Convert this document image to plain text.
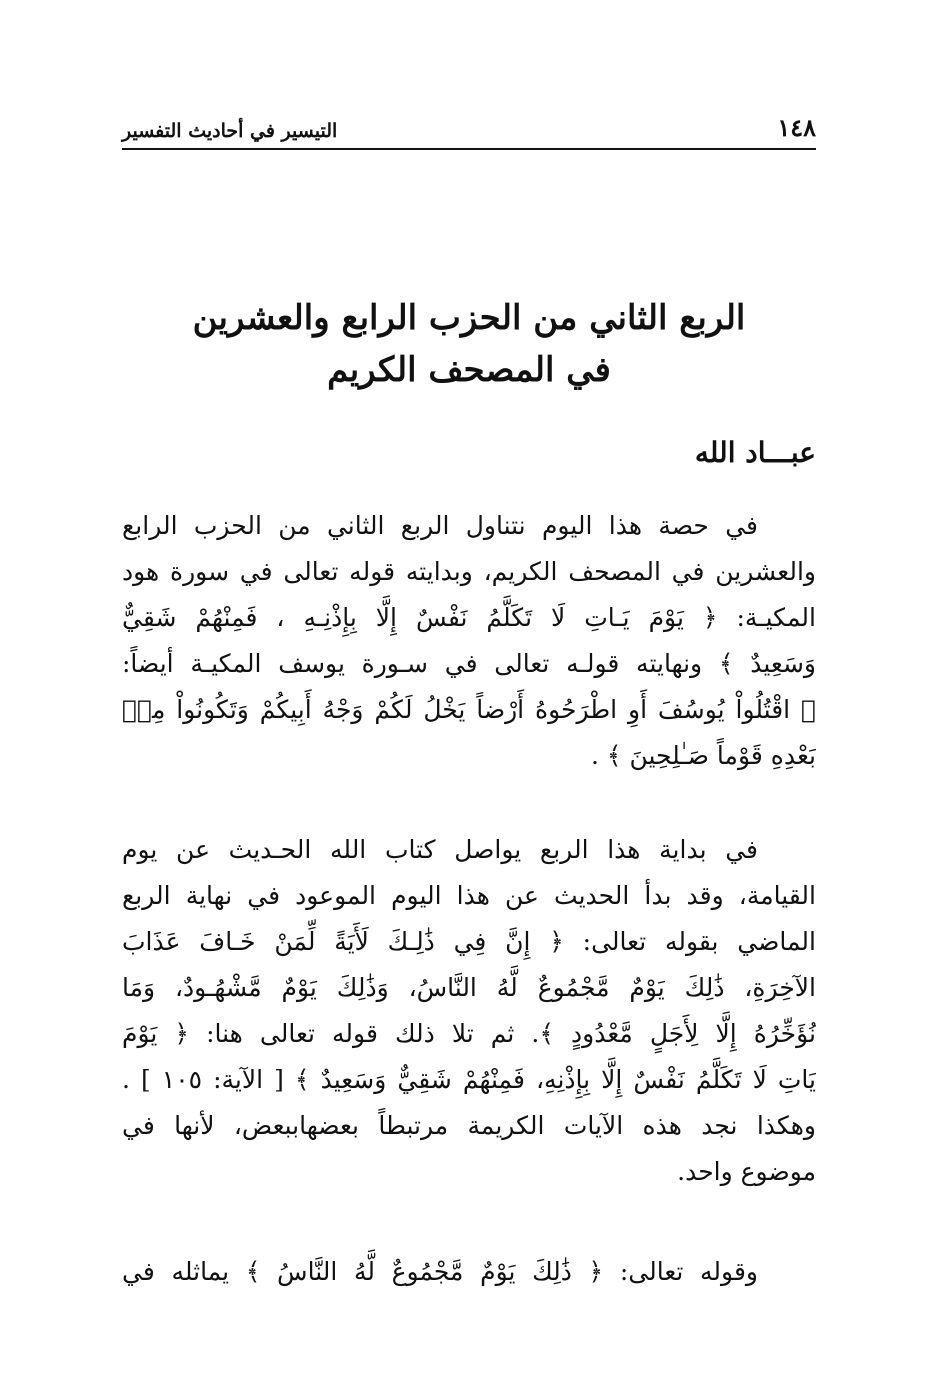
١٤٨
التيسير في أحاديث التفسير
الربع الثاني من الحزب الرابع والعشرين
في المصحف الكريم
عبـــاد الله
في حصة هذا اليوم نتناول الربع الثاني من الحزب الرابع
والعشرين في المصحف الكريم، وبدايته قوله تعالى في سورة هود
المكيـة: ﴿ يَوْمَ يَـاتِ لَا تَكَلَّمُ نَفْسٌ إِلَّا بِإِذْنِـهِ ، فَمِنْهُمْ شَقِيٌّ
وَسَعِيدٌ ﴾ ونهايته قولـه تعالى في سـورة يوسف المكيـة أيضاً:
﴿ اقْتُلُواْ يُوسُفَ أَوِ اطْرَحُوهُ أَرْضاً يَخْلُ لَكُمْ وَجْهُ أَبِيكُمْ وَتَكُونُواْ مِنۢ
بَعْدِهِ قَوْماً صَـٰلِحِينَ ﴾ .
في بداية هذا الربع يواصل كتاب الله الحـديث عن يوم
القيامة، وقد بدأ الحديث عن هذا اليوم الموعود في نهاية الربع
الماضي بقوله تعالى: ﴿ إِنَّ فِي ذَٰلِـكَ لَأَيَةً لِّمَنْ خَـافَ عَذَابَ
الآخِرَةِ، ذَٰلِكَ يَوْمٌ مَّجْمُوعٌ لَّهُ النَّاسُ، وَذَٰلِكَ يَوْمٌ مَّشْهُـودٌ، وَمَا
نُؤَخِّرُهُ إِلَّا لِأَجَلٍ مَّعْدُودٍ ﴾. ثم تلا ذلك قوله تعالى هنا: ﴿ يَوْمَ
يَاتِ لَا تَكَلَّمُ نَفْسٌ إِلَّا بِإِذْنِهِ، فَمِنْهُمْ شَقِيٌّ وَسَعِيدٌ ﴾ [ الآية: ١٠٥ ] .
وهكذا نجد هذه الآيات الكريمة مرتبطاً بعضهاببعض، لأنها في
موضوع واحد.
وقوله تعالى: ﴿ ذَٰلِكَ يَوْمٌ مَّجْمُوعٌ لَّهُ النَّاسُ ﴾ يماثله في
